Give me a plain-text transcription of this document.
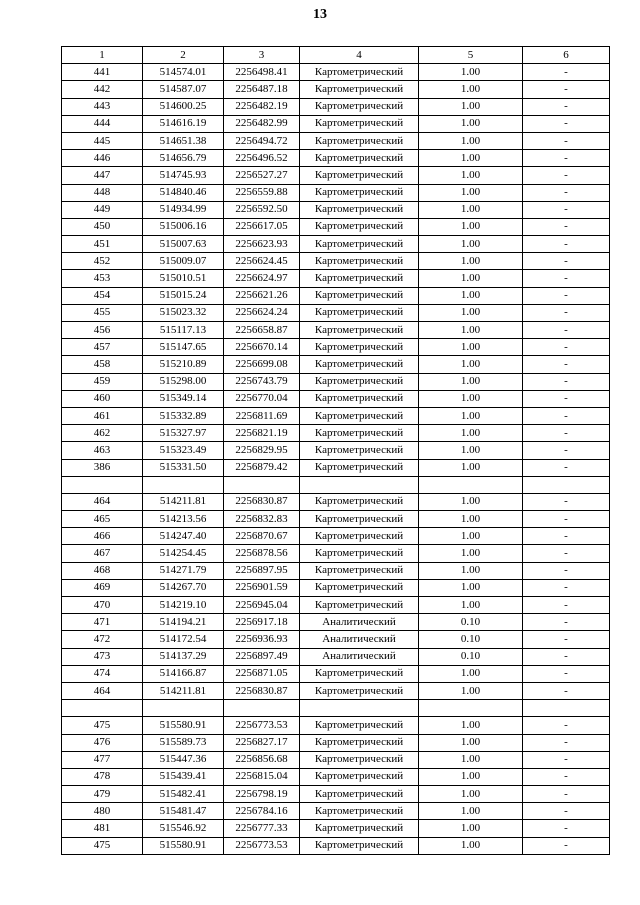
13
1	2	3	4	5	6
441	514574.01	2256498.41	Картометрический	1.00	-
442	514587.07	2256487.18	Картометрический	1.00	-
443	514600.25	2256482.19	Картометрический	1.00	-
444	514616.19	2256482.99	Картометрический	1.00	-
445	514651.38	2256494.72	Картометрический	1.00	-
446	514656.79	2256496.52	Картометрический	1.00	-
447	514745.93	2256527.27	Картометрический	1.00	-
448	514840.46	2256559.88	Картометрический	1.00	-
449	514934.99	2256592.50	Картометрический	1.00	-
450	515006.16	2256617.05	Картометрический	1.00	-
451	515007.63	2256623.93	Картометрический	1.00	-
452	515009.07	2256624.45	Картометрический	1.00	-
453	515010.51	2256624.97	Картометрический	1.00	-
454	515015.24	2256621.26	Картометрический	1.00	-
455	515023.32	2256624.24	Картометрический	1.00	-
456	515117.13	2256658.87	Картометрический	1.00	-
457	515147.65	2256670.14	Картометрический	1.00	-
458	515210.89	2256699.08	Картометрический	1.00	-
459	515298.00	2256743.79	Картометрический	1.00	-
460	515349.14	2256770.04	Картометрический	1.00	-
461	515332.89	2256811.69	Картометрический	1.00	-
462	515327.97	2256821.19	Картометрический	1.00	-
463	515323.49	2256829.95	Картометрический	1.00	-
386	515331.50	2256879.42	Картометрический	1.00	-

464	514211.81	2256830.87	Картометрический	1.00	-
465	514213.56	2256832.83	Картометрический	1.00	-
466	514247.40	2256870.67	Картометрический	1.00	-
467	514254.45	2256878.56	Картометрический	1.00	-
468	514271.79	2256897.95	Картометрический	1.00	-
469	514267.70	2256901.59	Картометрический	1.00	-
470	514219.10	2256945.04	Картометрический	1.00	-
471	514194.21	2256917.18	Аналитический	0.10	-
472	514172.54	2256936.93	Аналитический	0.10	-
473	514137.29	2256897.49	Аналитический	0.10	-
474	514166.87	2256871.05	Картометрический	1.00	-
464	514211.81	2256830.87	Картометрический	1.00	-

475	515580.91	2256773.53	Картометрический	1.00	-
476	515589.73	2256827.17	Картометрический	1.00	-
477	515447.36	2256856.68	Картометрический	1.00	-
478	515439.41	2256815.04	Картометрический	1.00	-
479	515482.41	2256798.19	Картометрический	1.00	-
480	515481.47	2256784.16	Картометрический	1.00	-
481	515546.92	2256777.33	Картометрический	1.00	-
475	515580.91	2256773.53	Картометрический	1.00	-
